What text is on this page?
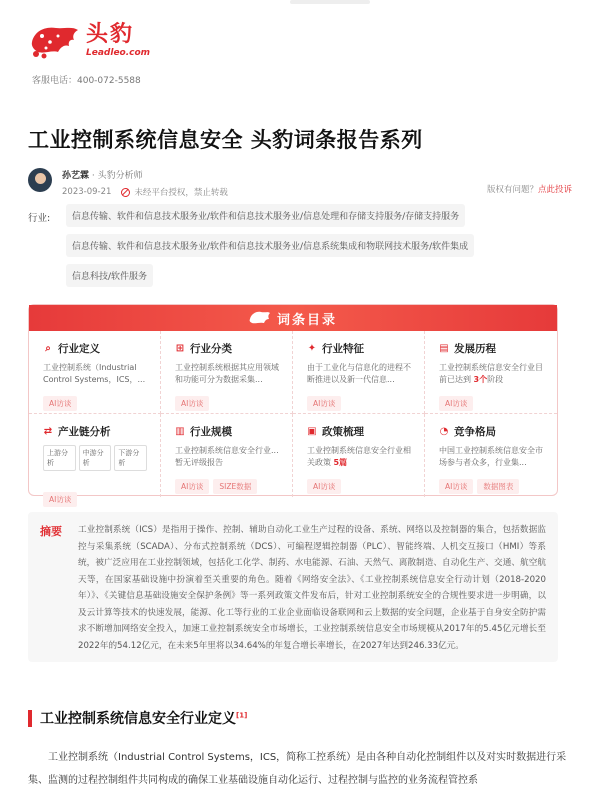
头豹
Leadleo.com
客服电话：400-072-5588
工业控制系统信息安全 头豹词条报告系列
孙艺霖 · 头豹分析师
2023-09-21	未经平台授权，禁止转载	版权有问题？点此投诉
行业:	信息传输、软件和信息技术服务业/软件和信息技术服务业/信息处理和存储支持服务/存储支持服务 信息传输、软件和信息技术服务业/软件和信息技术服务业/信息系统集成和物联网技术服务/软件集成 信息科技/软件服务
词条目录
⌕ 行业定义
工业控制系统（Industrial Control Systems，ICS，...
AI访谈
⊞ 行业分类
工业控制系统根据其应用领域和功能可分为数据采集...
AI访谈
✦ 行业特征
由于工业化与信息化的进程不断推进以及新一代信息...
AI访谈
▤ 发展历程
工业控制系统信息安全行业目前已达到 3个阶段
AI访谈
⇄ 产业链分析
上游分析
中游分析
下游分析
AI访谈
▥ 行业规模
工业控制系统信息安全行业...
暂无评级报告
AI访谈 SIZE数据
▣ 政策梳理
工业控制系统信息安全行业相关政策 5篇
AI访谈
◔ 竞争格局
中国工业控制系统信息安全市场参与者众多，行业集...
AI访谈 数据图表
摘要	工业控制系统（ICS）是指用于操作、控制、辅助自动化工业生产过程的设备、系统、网络以及控制器的集合，包括数据监控与采集系统（SCADA）、分布式控制系统（DCS）、可编程逻辑控制器（PLC）、智能终端、人机交互接口（HMI）等系统，被广泛应用在工业控制领域，包括化工化学、制药、水电能源、石油、天然气、离散制造、自动化生产、交通、航空航天等，在国家基础设施中扮演着至关重要的角色。随着《网络安全法》、《工业控制系统信息安全行动计划（2018-2020年）》、《关键信息基础设施安全保护条例》等一系列政策文件发布后，针对工业控制系统安全的合规性要求进一步明确，以及云计算等技术的快速发展，能源、化工等行业的工业企业面临设备联网和云上数据的安全问题，企业基于自身安全防护需求不断增加网络安全投入，加速工业控制系统安全市场增长，工业控制系统信息安全市场规模从2017年的5.45亿元增长至2022年的54.12亿元，在未来5年里将以34.64%的年复合增长率增长，在2027年达到246.33亿元。
工业控制系统信息安全行业定义[1]

工业控制系统（Industrial Control Systems，ICS，简称工控系统）是由各种自动化控制组件以及对实时数据进行采集、监测的过程控制组件共同构成的确保工业基础设施自动化运行、过程控制与监控的业务流程管控系
